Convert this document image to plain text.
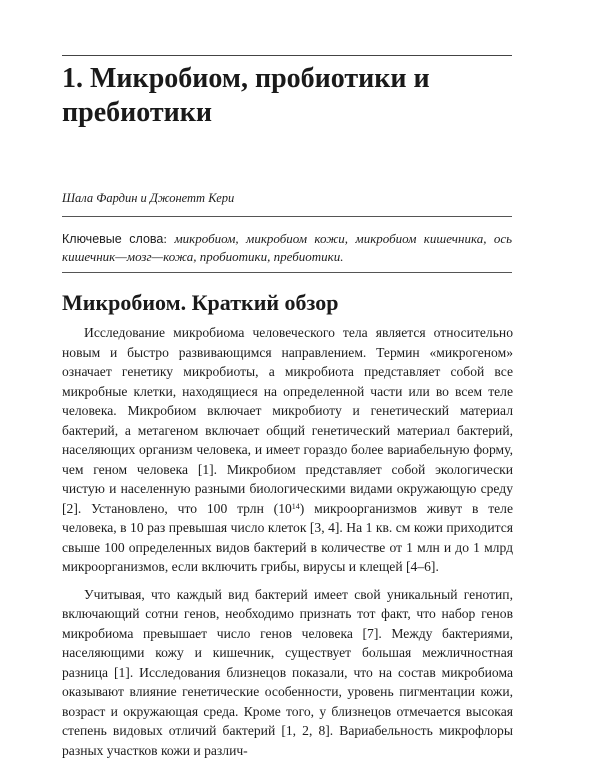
1. Микробиом, пробиотики и пребиотики

Шала Фардин и Джонетт Кери

Ключевые слова: микробиом, микробиом кожи, микробиом кишечника, ось кишечник—мозг—кожа, пробиотики, пребиотики.

Микробиом. Краткий обзор

Исследование микробиома человеческого тела является относительно новым и быстро развивающимся направлением. Термин «микрогеном» означает генетику микробиоты, а микробиота представляет собой все микробные клетки, находящиеся на определенной части или во всем теле человека. Микробиом включает микробиоту и генетический материал бактерий, а метагеном включает общий генетический материал бактерий, населяющих организм человека, и имеет гораздо более вариабельную форму, чем геном человека [1]. Микробиом представляет собой экологически чистую и населенную разными биологическими видами окружающую среду [2]. Установлено, что 100 трлн $(10^{14})$ микроорганизмов живут в теле человека, в 10 раз превышая число клеток [3, 4]. На 1 кв. см кожи приходится свыше 100 определенных видов бактерий в количестве от 1 млн и до 1 млрд микроорганизмов, если включить грибы, вирусы и клещей [4–6].

Учитывая, что каждый вид бактерий имеет свой уникальный генотип, включающий сотни генов, необходимо признать тот факт, что набор генов микробиома превышает число генов человека [7]. Между бактериями, населяющими кожу и кишечник, существует большая межличностная разница [1]. Исследования близнецов показали, что на состав микробиома оказывают влияние генетические особенности, уровень пигментации кожи, возраст и окружающая среда. Кроме того, у близнецов отмечается высокая степень видовых отличий бактерий [1, 2, 8]. Вариабельность микрофлоры разных участков кожи и различ-
